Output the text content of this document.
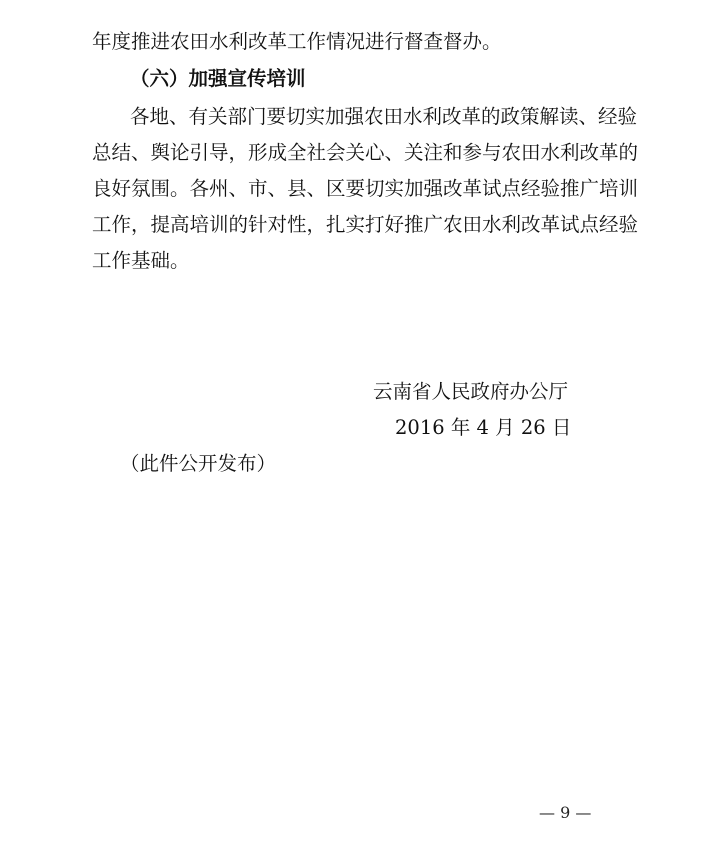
年度推进农田水利改革工作情况进行督查督办。
（六）加强宣传培训
各地、有关部门要切实加强农田水利改革的政策解读、经验
总结、舆论引导，形成全社会关心、关注和参与农田水利改革的
良好氛围。各州、市、县、区要切实加强改革试点经验推广培训
工作，提高培训的针对性，扎实打好推广农田水利改革试点经验
工作基础。
云南省人民政府办公厅
2016 年 4 月 26 日
（此件公开发布）
— 9 —
